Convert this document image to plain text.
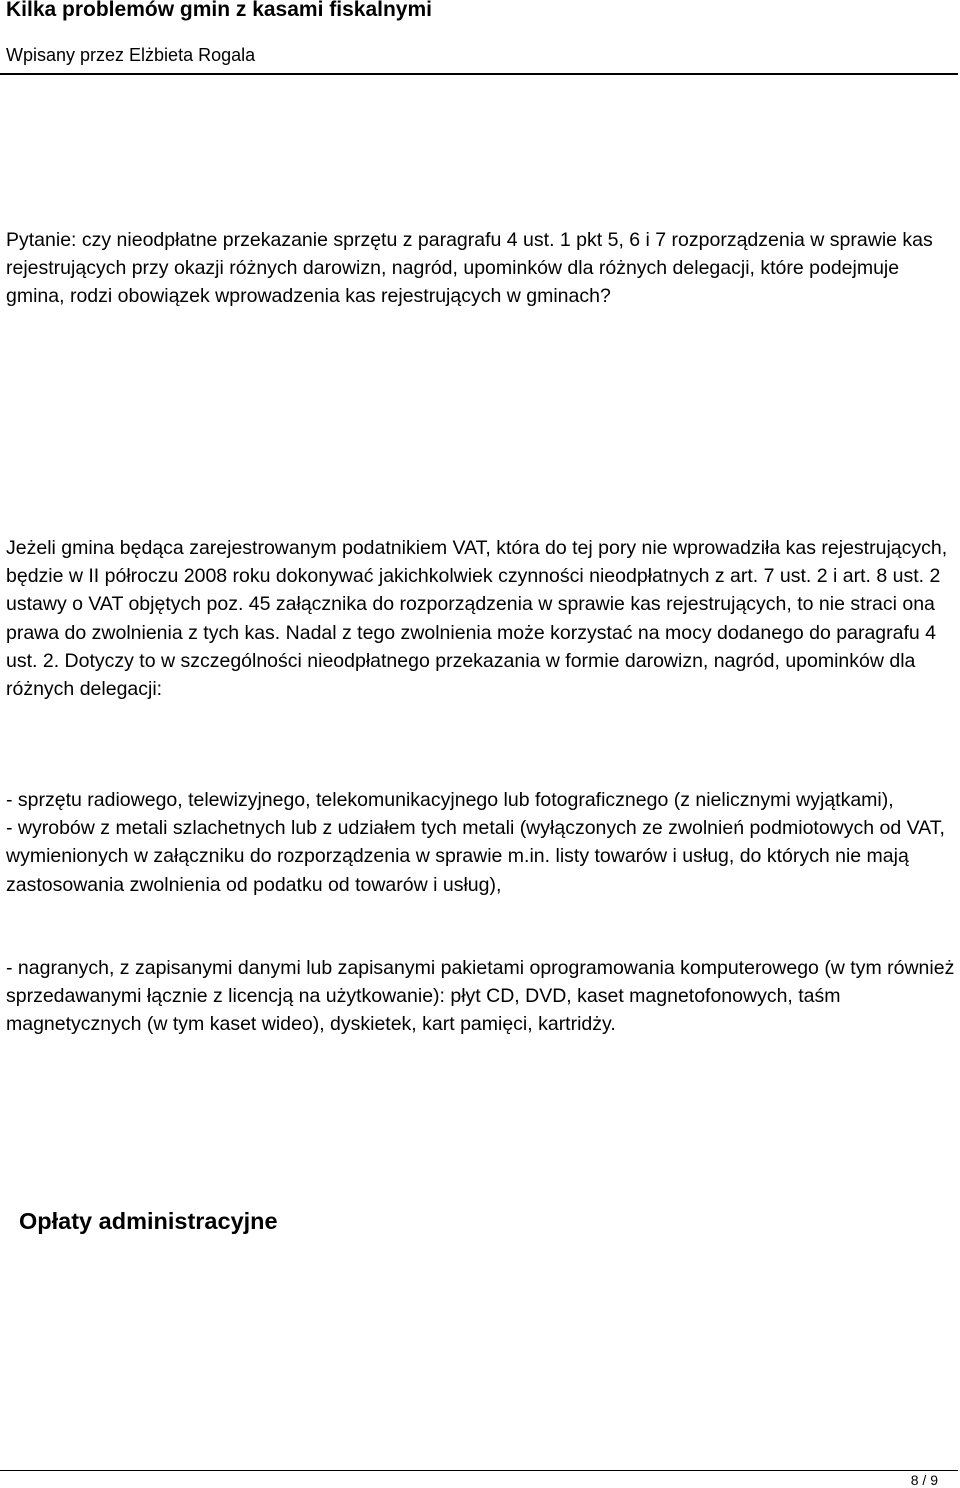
Kilka problemów gmin z kasami fiskalnymi
Wpisany przez Elżbieta Rogala

Pytanie: czy nieodpłatne przekazanie sprzętu z paragrafu 4 ust. 1 pkt 5, 6 i 7 rozporządzenia w sprawie kas rejestrujących przy okazji różnych darowizn, nagród, upominków dla różnych delegacji, które podejmuje gmina, rodzi obowiązek wprowadzenia kas rejestrujących w gminach?

Jeżeli gmina będąca zarejestrowanym podatnikiem VAT, która do tej pory nie wprowadziła kas rejestrujących, będzie w II półroczu 2008 roku dokonywać jakichkolwiek czynności nieodpłatnych z art. 7 ust. 2 i art. 8 ust. 2 ustawy o VAT objętych poz. 45 załącznika do rozporządzenia w sprawie kas rejestrujących, to nie straci ona prawa do zwolnienia z tych kas. Nadal z tego zwolnienia może korzystać na mocy dodanego do paragrafu 4 ust. 2. Dotyczy to w szczególności nieodpłatnego przekazania w formie darowizn, nagród, upominków dla różnych delegacji:

- sprzętu radiowego, telewizyjnego, telekomunikacyjnego lub fotograficznego (z nielicznymi wyjątkami),
- wyrobów z metali szlachetnych lub z udziałem tych metali (wyłączonych ze zwolnień podmiotowych od VAT, wymienionych w załączniku do rozporządzenia w sprawie m.in. listy towarów i usług, do których nie mają zastosowania zwolnienia od podatku od towarów i usług),

- nagranych, z zapisanymi danymi lub zapisanymi pakietami oprogramowania komputerowego (w tym również sprzedawanymi łącznie z licencją na użytkowanie): płyt CD, DVD, kaset magnetofonowych, taśm magnetycznych (w tym kaset wideo), dyskietek, kart pamięci, kartridży.

Opłaty administracyjne
8 / 9
